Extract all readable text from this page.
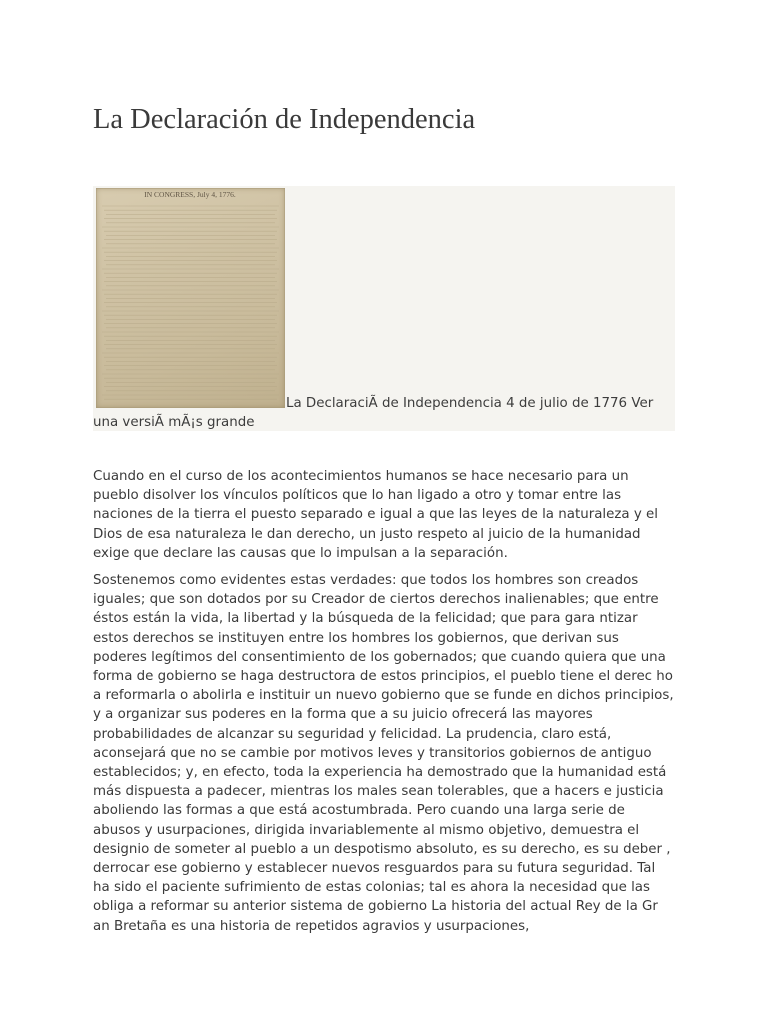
La Declaración de Independencia
IN CONGRESS, July 4, 1776.
La DeclaraciÃ de Independencia 4 de julio de 1776 Ver una versiÃ mÃ¡s grande

Cuando en el curso de los acontecimientos humanos se hace necesario para un pueblo disolver los vínculos políticos que lo han ligado a otro y tomar entre las naciones de la tierra el puesto separado e igual a que las leyes de la naturaleza y el Dios de esa naturaleza le dan derecho, un justo respeto al juicio de la humanidad exige que declare las causas que lo impulsan a la separación.

Sostenemos como evidentes estas verdades: que todos los hombres son creados iguales; que son dotados por su Creador de ciertos derechos inalienables; que entre éstos están la vida, la libertad y la búsqueda de la felicidad; que para gara ntizar estos derechos se instituyen entre los hombres los gobiernos, que derivan sus poderes legítimos del consentimiento de los gobernados; que cuando quiera que una forma de gobierno se haga destructora de estos principios, el pueblo tiene el derec ho a reformarla o abolirla e instituir un nuevo gobierno que se funde en dichos principios, y a organizar sus poderes en la forma que a su juicio ofrecerá las mayores probabilidades de alcanzar su seguridad y felicidad. La prudencia, claro está, aconsejará que no se cambie por motivos leves y transitorios gobiernos de antiguo establecidos; y, en efecto, toda la experiencia ha demostrado que la humanidad está más dispuesta a padecer, mientras los males sean tolerables, que a hacers e justicia aboliendo las formas a que está acostumbrada. Pero cuando una larga serie de abusos y usurpaciones, dirigida invariablemente al mismo objetivo, demuestra el designio de someter al pueblo a un despotismo absoluto, es su derecho, es su deber , derrocar ese gobierno y establecer nuevos resguardos para su futura seguridad. Tal ha sido el paciente sufrimiento de estas colonias; tal es ahora la necesidad que las obliga a reformar su anterior sistema de gobierno La historia del actual Rey de la Gr an Bretaña es una historia de repetidos agravios y usurpaciones,
